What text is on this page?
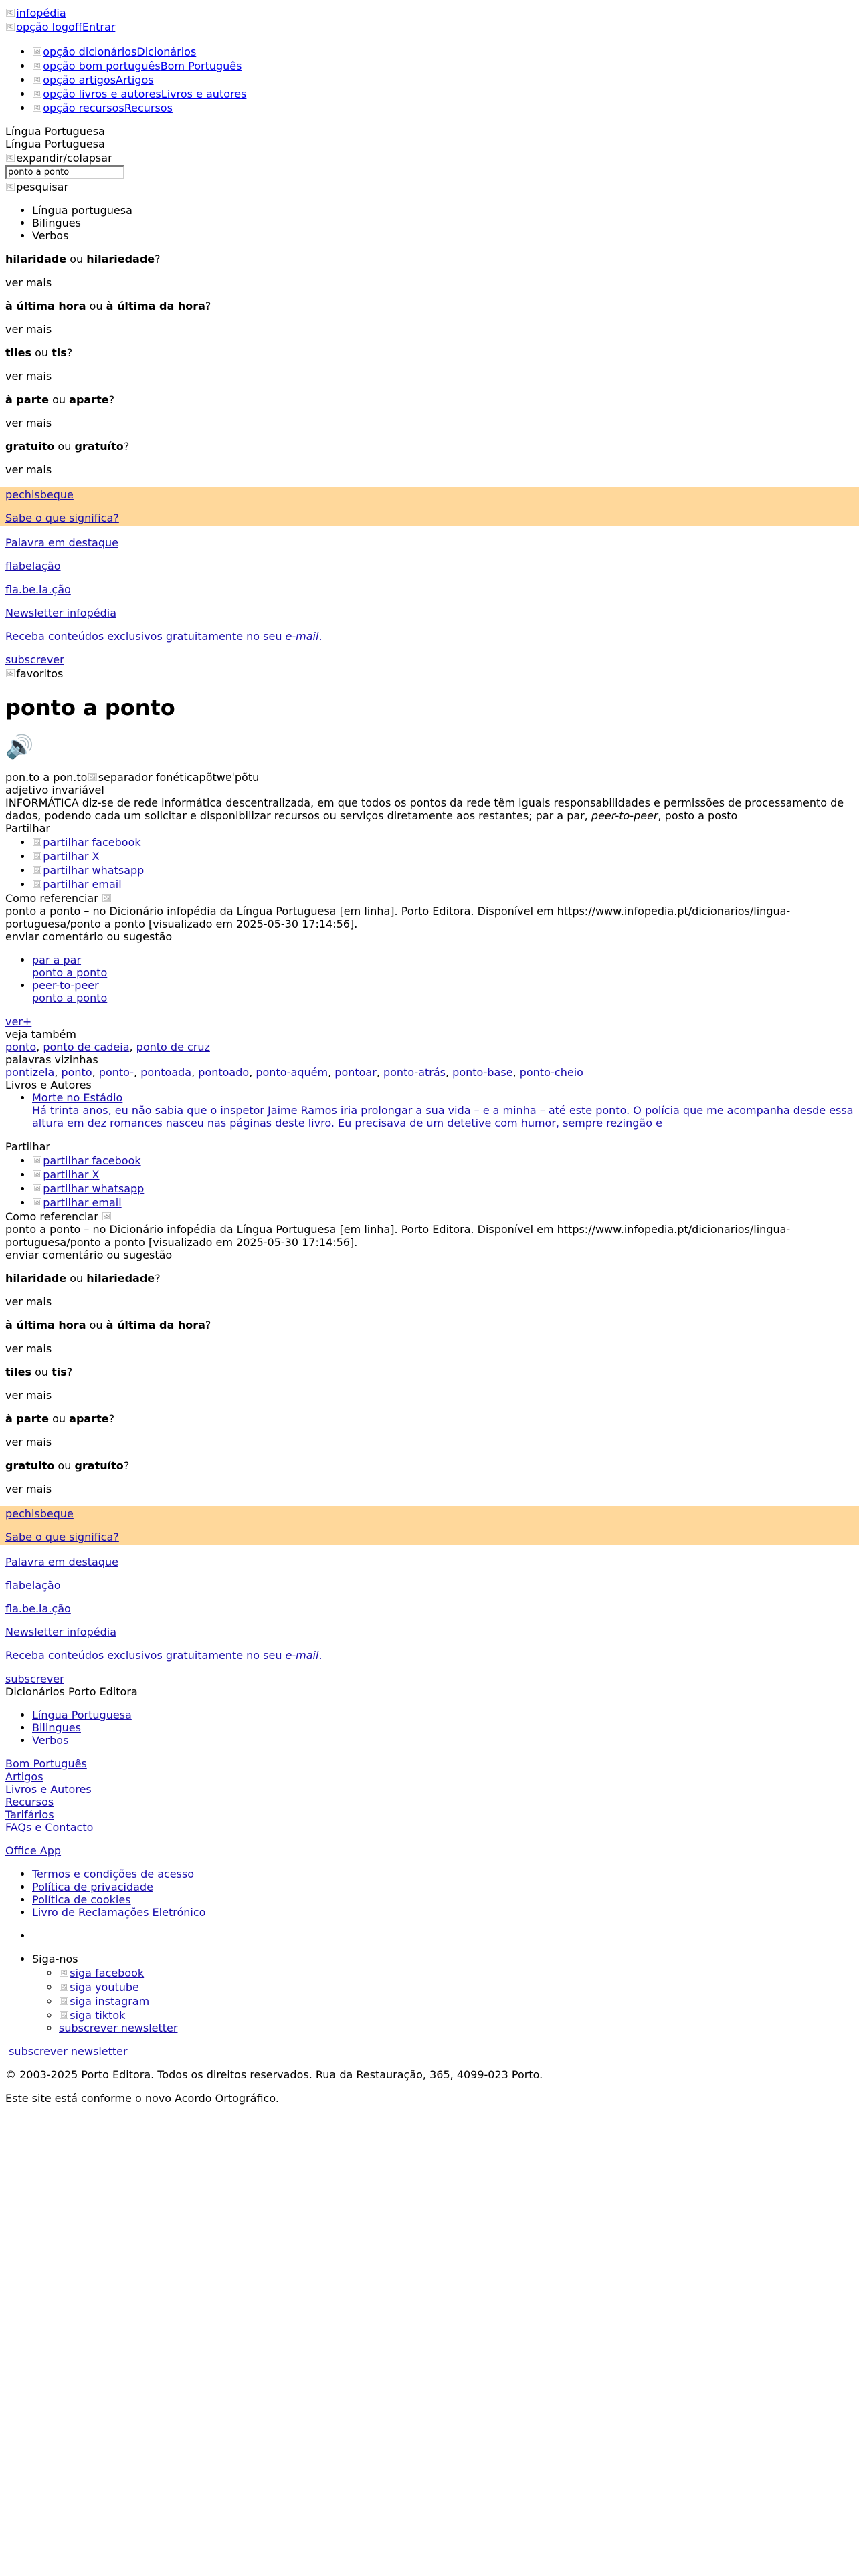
🖼infopédia
🖼opção logoffEntrar
• 🖼opção dicionáriosDicionários
• 🖼opção bom portuguêsBom Português
• 🖼opção artigosArtigos
• 🖼opção livros e autoresLivros e autores
• 🖼opção recursosRecursos
Língua Portuguesa
Língua Portuguesa
🖼expandir/colapsar
ponto a ponto
🖼pesquisar
• Língua portuguesa
• Bilingues
• Verbos

hilaridade ou hilariedade?

ver mais

à última hora ou à última da hora?

ver mais

tiles ou tis?

ver mais

à parte ou aparte?

ver mais

gratuito ou gratuíto?

ver mais

pechisbeque

Sabe o que significa?

Palavra em destaque

flabelação

fla.be.la.ção

Newsletter infopédia

Receba conteúdos exclusivos gratuitamente no seu e-mail.

subscrever

🖼favoritos
ponto a ponto
🔊
pon.to a pon.to🖼 separador fonéticapõtwɐˈpõtu
adjetivo invariável
INFORMÁTICA diz-se de rede informática descentralizada, em que todos os pontos da rede têm iguais responsabilidades e permissões de processamento de dados, podendo cada um solicitar e disponibilizar recursos ou serviços diretamente aos restantes; par a par, peer-to-peer, posto a posto
Partilhar
• 🖼partilhar facebook
• 🖼partilhar X
• 🖼partilhar whatsapp
• 🖼partilhar email
Como referenciar 🖼
ponto a ponto – no Dicionário infopédia da Língua Portuguesa [em linha]. Porto Editora. Disponível em https://www.infopedia.pt/dicionarios/lingua-portuguesa/ponto a ponto [visualizado em 2025-05-30 17:14:56].
enviar comentário ou sugestão
• par a par
ponto a ponto
• peer-to-peer
ponto a ponto
ver+
veja também
ponto, ponto de cadeia, ponto de cruz
palavras vizinhas
pontizela, ponto, ponto-, pontoada, pontoado, ponto-aquém, pontoar, ponto-atrás, ponto-base, ponto-cheio
Livros e Autores
• Morte no Estádio
Há trinta anos, eu não sabia que o inspetor Jaime Ramos iria prolongar a sua vida – e a minha – até este ponto. O polícia que me acompanha desde essa altura em dez romances nasceu nas páginas deste livro. Eu precisava de um detetive com humor, sempre rezingão e

Partilhar

• 🖼partilhar facebook
• 🖼partilhar X
• 🖼partilhar whatsapp
• 🖼partilhar email
Como referenciar 🖼
ponto a ponto – no Dicionário infopédia da Língua Portuguesa [em linha]. Porto Editora. Disponível em https://www.infopedia.pt/dicionarios/lingua-portuguesa/ponto a ponto [visualizado em 2025-05-30 17:14:56].
enviar comentário ou sugestão

hilaridade ou hilariedade?

ver mais

à última hora ou à última da hora?

ver mais

tiles ou tis?

ver mais

à parte ou aparte?

ver mais

gratuito ou gratuíto?

ver mais

pechisbeque

Sabe o que significa?

Palavra em destaque

flabelação

fla.be.la.ção

Newsletter infopédia

Receba conteúdos exclusivos gratuitamente no seu e-mail.

subscrever

Dicionários Porto Editora
• Língua Portuguesa
• Bilingues
• Verbos
Bom Português
Artigos
Livros e Autores
Recursos
Tarifários
FAQs e Contacto

Office App

• Termos e condições de acesso
• Política de privacidade
• Política de cookies
• Livro de Reclamações Eletrónico
•
• Siga-nos
◦ 🖼siga facebook
◦ 🖼siga youtube
◦ 🖼siga instagram
◦ 🖼siga tiktok
◦ subscrever newsletter
subscrever newsletter

© 2003-2025 Porto Editora. Todos os direitos reservados. Rua da Restauração, 365, 4099-023 Porto.

Este site está conforme o novo Acordo Ortográfico.
